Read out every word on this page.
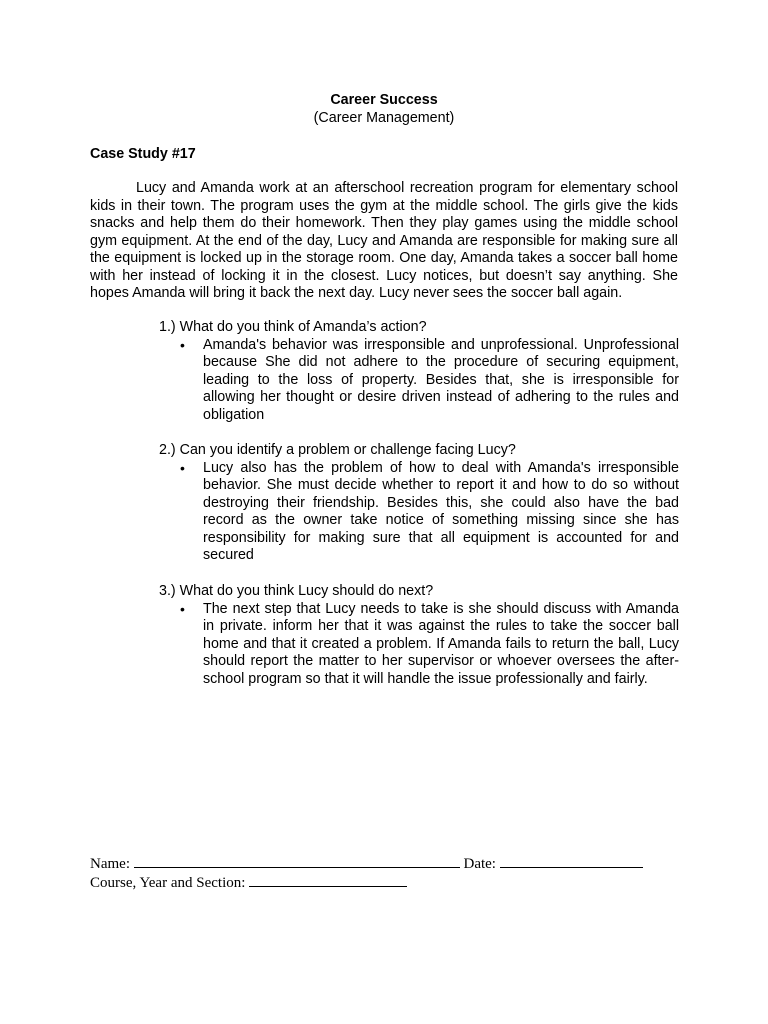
Career Success
(Career Management)
Case Study #17

Lucy and Amanda work at an afterschool recreation program for elementary school kids in their town. The program uses the gym at the middle school. The girls give the kids snacks and help them do their homework. Then they play games using the middle school gym equipment. At the end of the day, Lucy and Amanda are responsible for making sure all the equipment is locked up in the storage room. One day, Amanda takes a soccer ball home with her instead of locking it in the closest. Lucy notices, but doesn’t say anything. She hopes Amanda will bring it back the next day. Lucy never sees the soccer ball again.

1.) What do you think of Amanda’s action?

• Amanda's behavior was irresponsible and unprofessional. Unprofessional because She did not adhere to the procedure of securing equipment, leading to the loss of property. Besides that, she is irresponsible for allowing her thought or desire driven instead of adhering to the rules and obligation

2.) Can you identify a problem or challenge facing Lucy?

• Lucy also has the problem of how to deal with Amanda's irresponsible behavior. She must decide whether to report it and how to do so without destroying their friendship. Besides this, she could also have the bad record as the owner take notice of something missing since she has responsibility for making sure that all equipment is accounted for and secured

3.) What do you think Lucy should do next?

• The next step that Lucy needs to take is she should discuss with Amanda in private. inform her that it was against the rules to take the soccer ball home and that it created a problem. If Amanda fails to return the ball, Lucy should report the matter to her supervisor or whoever oversees the after-school program so that it will handle the issue professionally and fairly.
Name:	Date:
Course, Year and Section:
